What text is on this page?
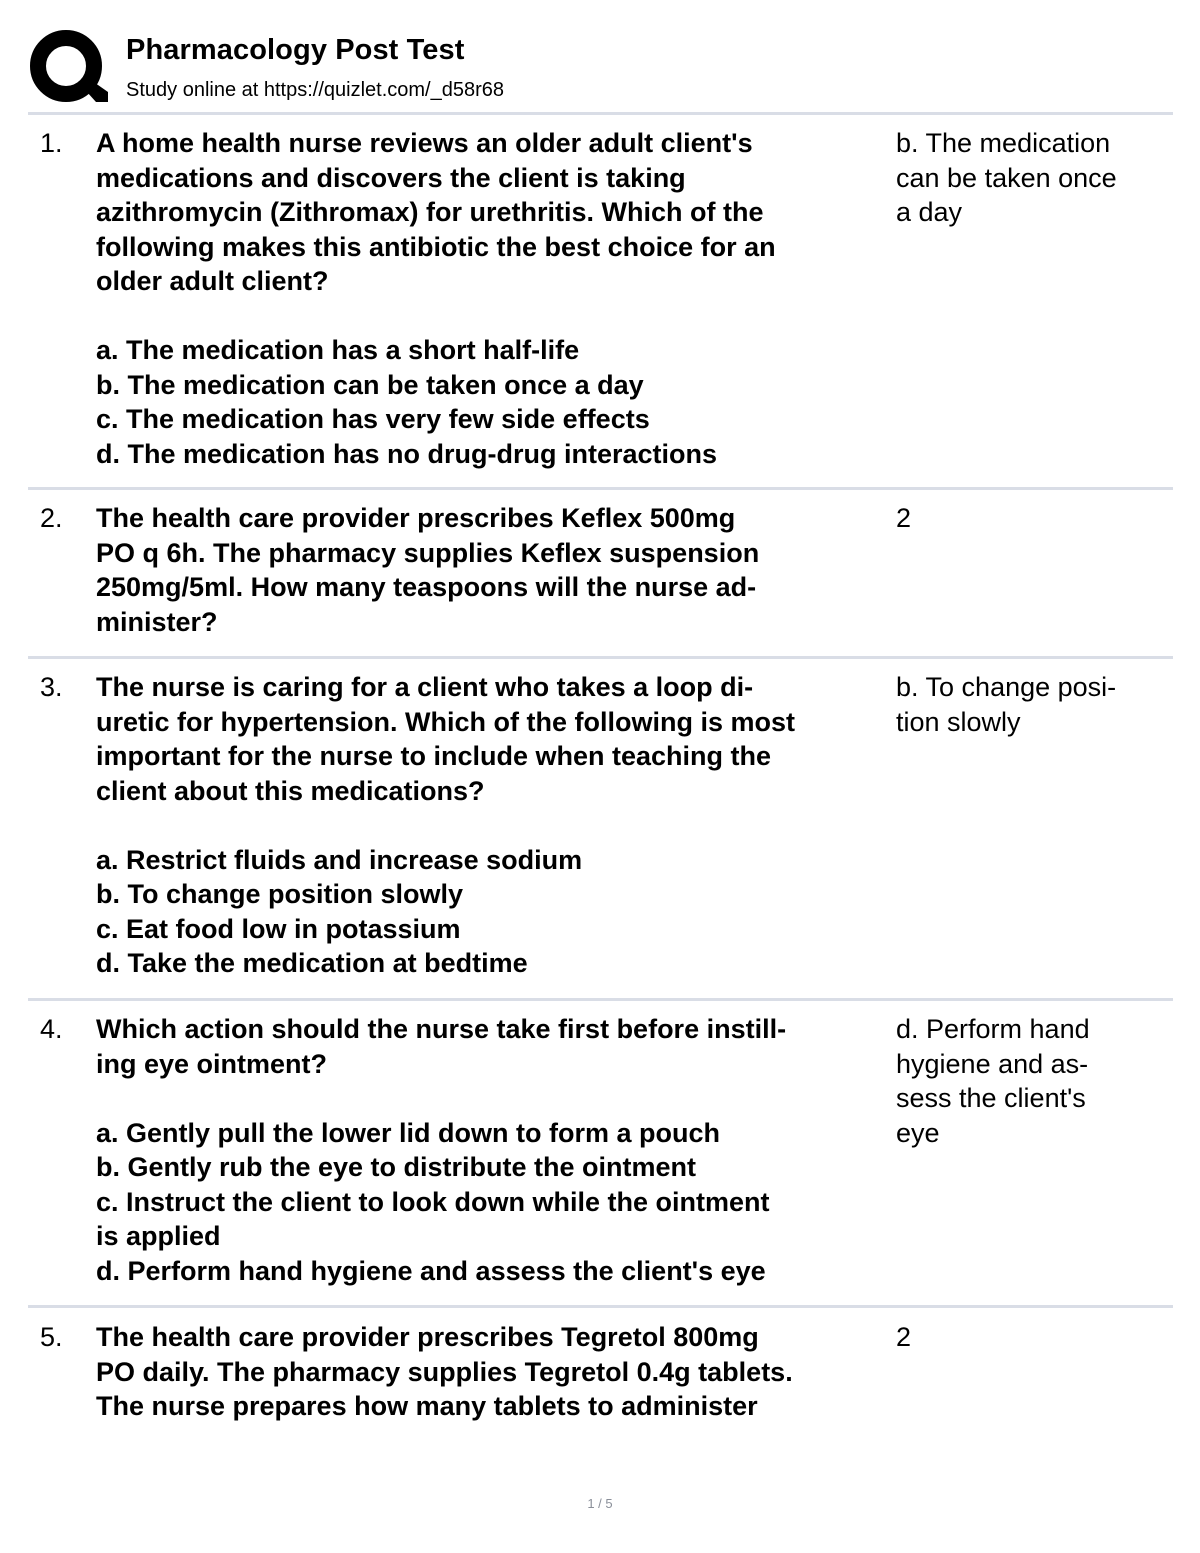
Pharmacology Post Test
Study online at https://quizlet.com/_d58r68
1. A home health nurse reviews an older adult client's
medications and discovers the client is taking
azithromycin (Zithromax) for urethritis. Which of the
following makes this antibiotic the best choice for an
older adult client?
a. The medication has a short half-life
b. The medication can be taken once a day
c. The medication has very few side effects
d. The medication has no drug-drug interactions
b. The medication
can be taken once
a day
2. The health care provider prescribes Keflex 500mg
PO q 6h. The pharmacy supplies Keflex suspension
250mg/5ml. How many teaspoons will the nurse ad-
minister?
2
3. The nurse is caring for a client who takes a loop di-
uretic for hypertension. Which of the following is most
important for the nurse to include when teaching the
client about this medications?
a. Restrict fluids and increase sodium
b. To change position slowly
c. Eat food low in potassium
d. Take the medication at bedtime
b. To change posi-
tion slowly
4. Which action should the nurse take first before instill-
ing eye ointment?
a. Gently pull the lower lid down to form a pouch
b. Gently rub the eye to distribute the ointment
c. Instruct the client to look down while the ointment
is applied
d. Perform hand hygiene and assess the client's eye
d. Perform hand
hygiene and as-
sess the client's
eye
5. The health care provider prescribes Tegretol 800mg
PO daily. The pharmacy supplies Tegretol 0.4g tablets.
The nurse prepares how many tablets to administer
2
1 / 5
